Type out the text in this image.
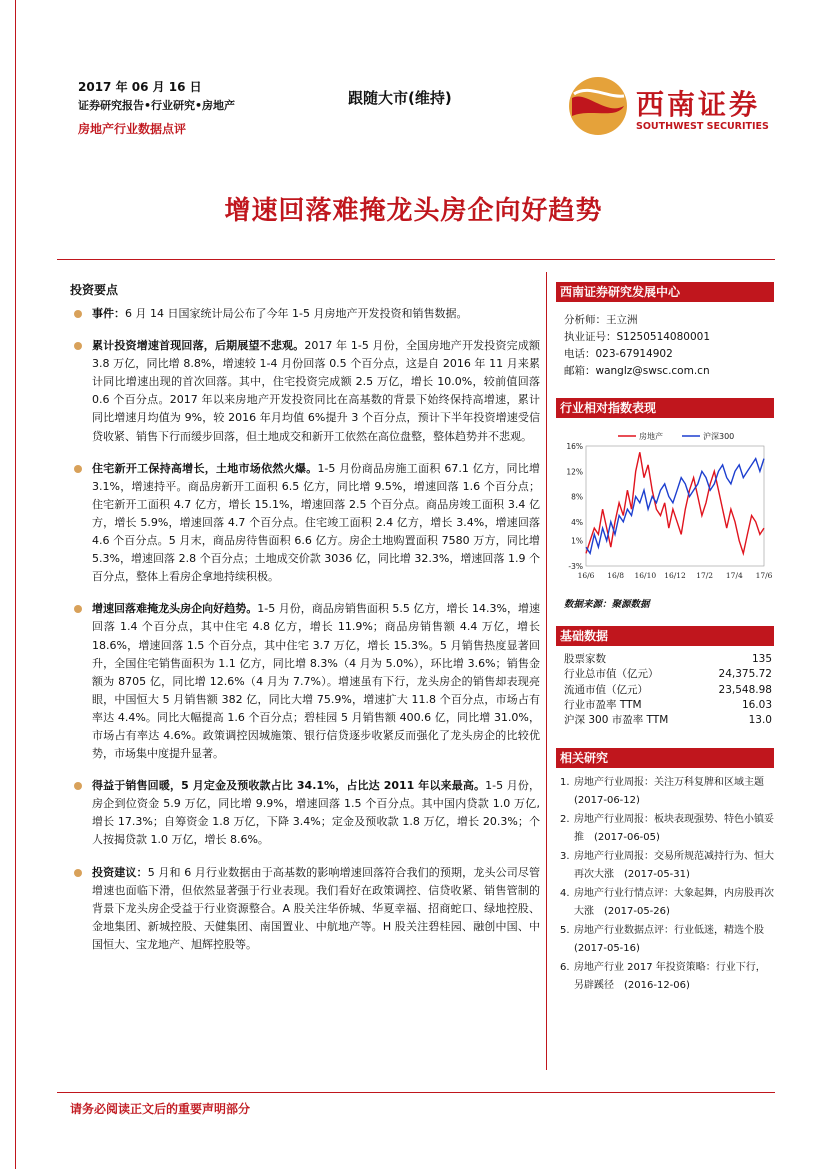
2017 年 06 月 16 日
证券研究报告•行业研究•房地产
房地产行业数据点评
跟随大市(维持)	西南证券
SOUTHWEST SECURITIES
增速回落难掩龙头房企向好趋势
投资要点
事件：6 月 14 日国家统计局公布了今年 1-5 月房地产开发投资和销售数据。
累计投资增速首现回落，后期展望不悲观。2017 年 1-5 月份，全国房地产开发投资完成额 3.8 万亿，同比增 8.8%，增速较 1-4 月份回落 0.5 个百分点，这是自 2016 年 11 月来累计同比增速出现的首次回落。其中，住宅投资完成额 2.5 万亿，增长 10.0%，较前值回落 0.6 个百分点。2017 年以来房地产开发投资同比在高基数的背景下始终保持高增速，累计同比增速月均值为 9%，较 2016 年月均值 6%提升 3 个百分点，预计下半年投资增速受信贷收紧、销售下行而缓步回落，但土地成交和新开工依然在高位盘整，整体趋势并不悲观。
住宅新开工保持高增长，土地市场依然火爆。1-5 月份商品房施工面积 67.1 亿方，同比增 3.1%，增速持平。商品房新开工面积 6.5 亿方，同比增 9.5%，增速回落 1.6 个百分点；住宅新开工面积 4.7 亿方，增长 15.1%，增速回落 2.5 个百分点。商品房竣工面积 3.4 亿方，增长 5.9%，增速回落 4.7 个百分点。住宅竣工面积 2.4 亿方，增长 3.4%，增速回落 4.6 个百分点。5 月末，商品房待售面积 6.6 亿方。房企土地购置面积 7580 万方，同比增 5.3%，增速回落 2.8 个百分点；土地成交价款 3036 亿，同比增 32.3%，增速回落 1.9 个百分点，整体上看房企拿地持续积极。
增速回落难掩龙头房企向好趋势。1-5 月份，商品房销售面积 5.5 亿方，增长 14.3%，增速回落 1.4 个百分点，其中住宅 4.8 亿方，增长 11.9%；商品房销售额 4.4 万亿，增长 18.6%，增速回落 1.5 个百分点，其中住宅 3.7 万亿，增长 15.3%。5 月销售热度显著回升，全国住宅销售面积为 1.1 亿方，同比增 8.3%（4 月为 5.0%），环比增 3.6%；销售金额为 8705 亿，同比增 12.6%（4 月为 7.7%）。增速虽有下行，龙头房企的销售却表现亮眼，中国恒大 5 月销售额 382 亿，同比大增 75.9%，增速扩大 11.8 个百分点，市场占有率达 4.4%。同比大幅提高 1.6 个百分点；碧桂园 5 月销售额 400.6 亿，同比增 31.0%，市场占有率达 4.6%。政策调控因城施策、银行信贷逐步收紧反而强化了龙头房企的比较优势，市场集中度提升显著。
得益于销售回暖，5 月定金及预收款占比 34.1%，占比达 2011 年以来最高。1-5 月份，房企到位资金 5.9 万亿，同比增 9.9%，增速回落 1.5 个百分点。其中国内贷款 1.0 万亿,增长 17.3%；自筹资金 1.8 万亿，下降 3.4%；定金及预收款 1.8 万亿，增长 20.3%；个人按揭贷款 1.0 万亿，增长 8.6%。
投资建议：5 月和 6 月行业数据由于高基数的影响增速回落符合我们的预期，龙头公司尽管增速也面临下滑，但依然显著强于行业表现。我们看好在政策调控、信贷收紧、销售管制的背景下龙头房企受益于行业资源整合。A 股关注华侨城、华夏幸福、招商蛇口、绿地控股、金地集团、新城控股、天健集团、南国置业、中航地产等。H 股关注碧桂园、融创中国、中国恒大、宝龙地产、旭辉控股等。
西南证券研究发展中心
分析师：王立洲
执业证号：S1250514080001
电话：023-67914902
邮箱：wanglz@swsc.com.cn
行业相对指数表现
16%
12%
8%
4%
1%
-3%
16/6 16/8 16/10 16/12 17/2 17/4 17/6
房地产	沪深300
数据来源：聚源数据
基础数据
股票家数	135
行业总市值（亿元）	24,375.72
流通市值（亿元）	23,548.98
行业市盈率 TTM	16.03
沪深 300 市盈率 TTM	13.0
相关研究
1. 房地产行业周报：关注万科复牌和区域主题　(2017-06-12)
2. 房地产行业周报：板块表现强势、特色小镇妥推　(2017-06-05)
3. 房地产行业周报：交易所规范减持行为、恒大再次大涨　(2017-05-31)
4. 房地产行业行情点评：大象起舞，内房股再次大涨　(2017-05-26)
5. 房地产行业数据点评：行业低迷，精选个股　(2017-05-16)
6. 房地产行业 2017 年投资策略：行业下行，另辟蹊径　(2016-12-06)
请务必阅读正文后的重要声明部分
